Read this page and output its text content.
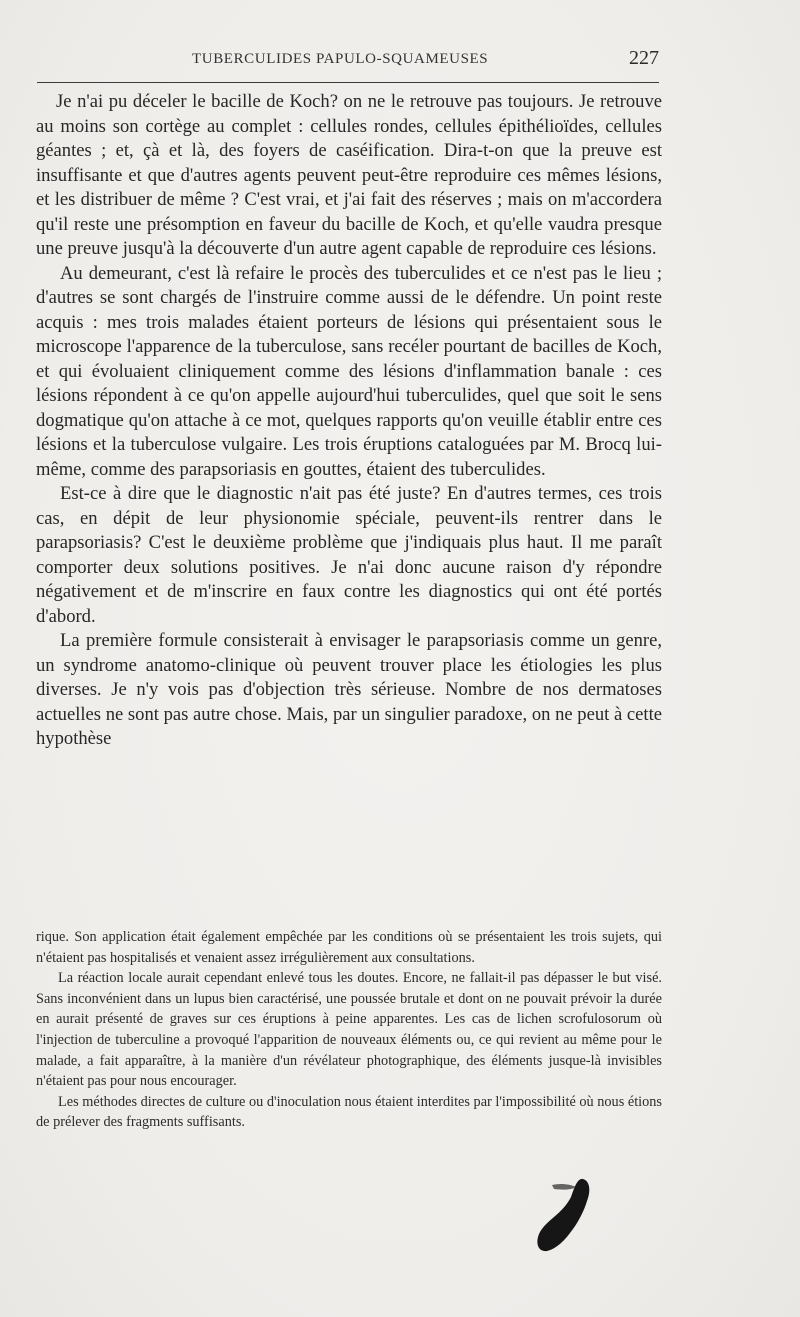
TUBERCULIDES PAPULO-SQUAMEUSES	227

Je n'ai pu déceler le bacille de Koch? on ne le retrouve pas toujours. Je retrouve au moins son cortège au complet : cellules rondes, cellules épithélioïdes, cellules géantes ; et, çà et là, des foyers de caséification. Dira-t-on que la preuve est insuffisante et que d'autres agents peuvent peut-être reproduire ces mêmes lésions, et les distribuer de même ? C'est vrai, et j'ai fait des réserves ; mais on m'accordera qu'il reste une présomption en faveur du bacille de Koch, et qu'elle vaudra presque une preuve jusqu'à la découverte d'un autre agent capable de reproduire ces lésions.

Au demeurant, c'est là refaire le procès des tuberculides et ce n'est pas le lieu ; d'autres se sont chargés de l'instruire comme aussi de le défendre. Un point reste acquis : mes trois malades étaient porteurs de lésions qui présentaient sous le microscope l'apparence de la tuberculose, sans recéler pourtant de bacilles de Koch, et qui évoluaient cliniquement comme des lésions d'inflammation banale : ces lésions répondent à ce qu'on appelle aujourd'hui tuberculides, quel que soit le sens dogmatique qu'on attache à ce mot, quelques rapports qu'on veuille établir entre ces lésions et la tuberculose vulgaire. Les trois éruptions cataloguées par M. Brocq lui-même, comme des parapsoriasis en gouttes, étaient des tuberculides.

Est-ce à dire que le diagnostic n'ait pas été juste? En d'autres termes, ces trois cas, en dépit de leur physionomie spéciale, peuvent-ils rentrer dans le parapsoriasis? C'est le deuxième problème que j'indiquais plus haut. Il me paraît comporter deux solutions positives. Je n'ai donc aucune raison d'y répondre négativement et de m'inscrire en faux contre les diagnostics qui ont été portés d'abord.

La première formule consisterait à envisager le parapsoriasis comme un genre, un syndrome anatomo-clinique où peuvent trouver place les étiologies les plus diverses. Je n'y vois pas d'objection très sérieuse. Nombre de nos dermatoses actuelles ne sont pas autre chose. Mais, par un singulier paradoxe, on ne peut à cette hypothèse

rique. Son application était également empêchée par les conditions où se présentaient les trois sujets, qui n'étaient pas hospitalisés et venaient assez irrégulièrement aux consultations.

La réaction locale aurait cependant enlevé tous les doutes. Encore, ne fallait-il pas dépasser le but visé. Sans inconvénient dans un lupus bien caractérisé, une poussée brutale et dont on ne pouvait prévoir la durée en aurait présenté de graves sur ces éruptions à peine apparentes. Les cas de lichen scrofulosorum où l'injection de tuberculine a provoqué l'apparition de nouveaux éléments ou, ce qui revient au même pour le malade, a fait apparaître, à la manière d'un révélateur photographique, des éléments jusque-là invisibles n'étaient pas pour nous encourager.

Les méthodes directes de culture ou d'inoculation nous étaient interdites par l'impossibilité où nous étions de prélever des fragments suffisants.
